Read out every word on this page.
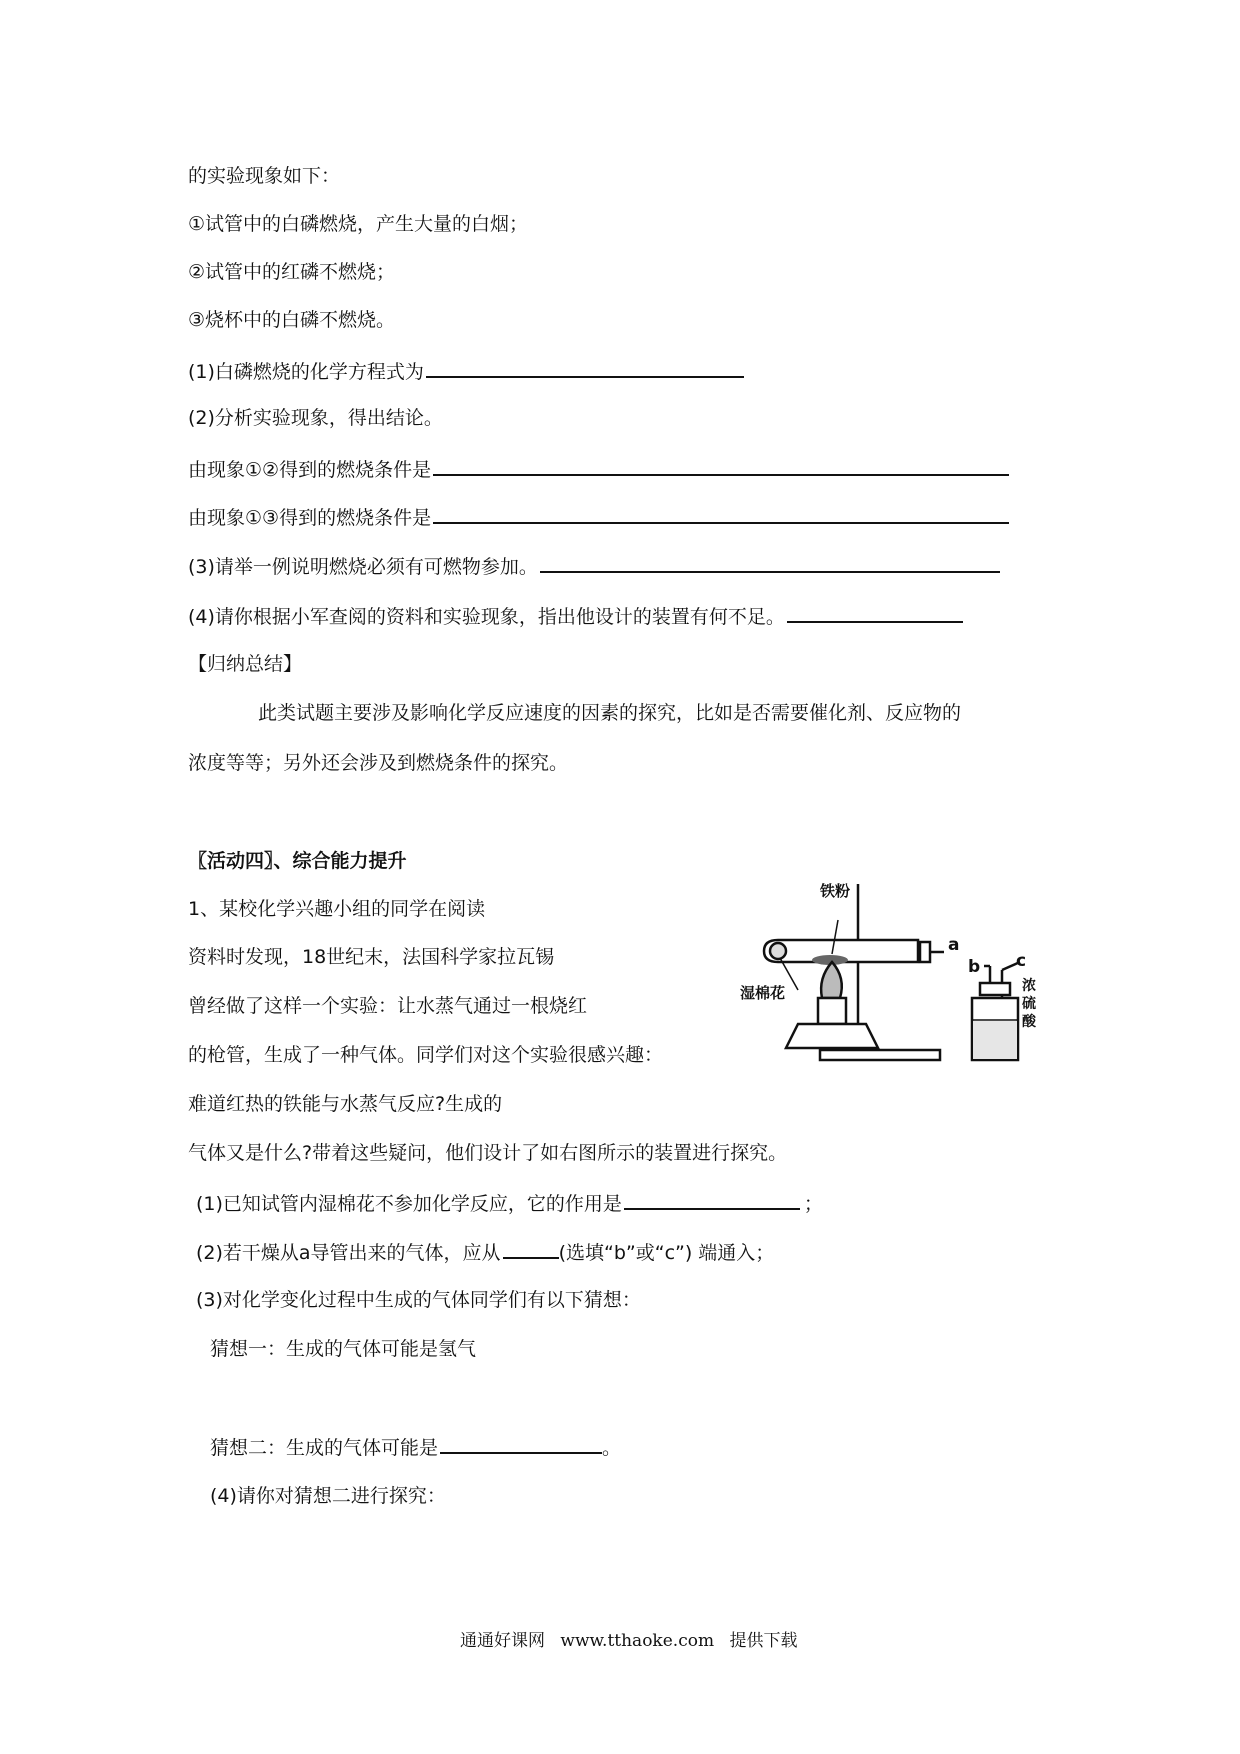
的实验现象如下：
①试管中的白磷燃烧，产生大量的白烟；
②试管中的红磷不燃烧；
③烧杯中的白磷不燃烧。
(1)白磷燃烧的化学方程式为
(2)分析实验现象，得出结论。
由现象①②得到的燃烧条件是
由现象①③得到的燃烧条件是
(3)请举一例说明燃烧必须有可燃物参加。
(4)请你根据小军查阅的资料和实验现象，指出他设计的装置有何不足。
【归纳总结】
此类试题主要涉及影响化学反应速度的因素的探究，比如是否需要催化剂、反应物的
浓度等等；另外还会涉及到燃烧条件的探究。
〖活动四〗、综合能力提升
1、某校化学兴趣小组的同学在阅读
资料时发现，18世纪末，法国科学家拉瓦锡
曾经做了这样一个实验：让水蒸气通过一根烧红
的枪管，生成了一种气体。同学们对这个实验很感兴趣：
难道红热的铁能与水蒸气反应?生成的
气体又是什么?带着这些疑问，他们设计了如右图所示的装置进行探究。
(1)已知试管内湿棉花不参加化学反应，它的作用是	；
(2)若干燥从a导管出来的气体，应从	(选填“b”或“c”) 端通入；
(3)对化学变化过程中生成的气体同学们有以下猜想：
猜想一：生成的气体可能是氢气
猜想二：生成的气体可能是	。
(4)请你对猜想二进行探究：
铁粉
a
湿棉花
b c
浓
硫
酸
通通好课网 www.tthaoke.com 提供下载
